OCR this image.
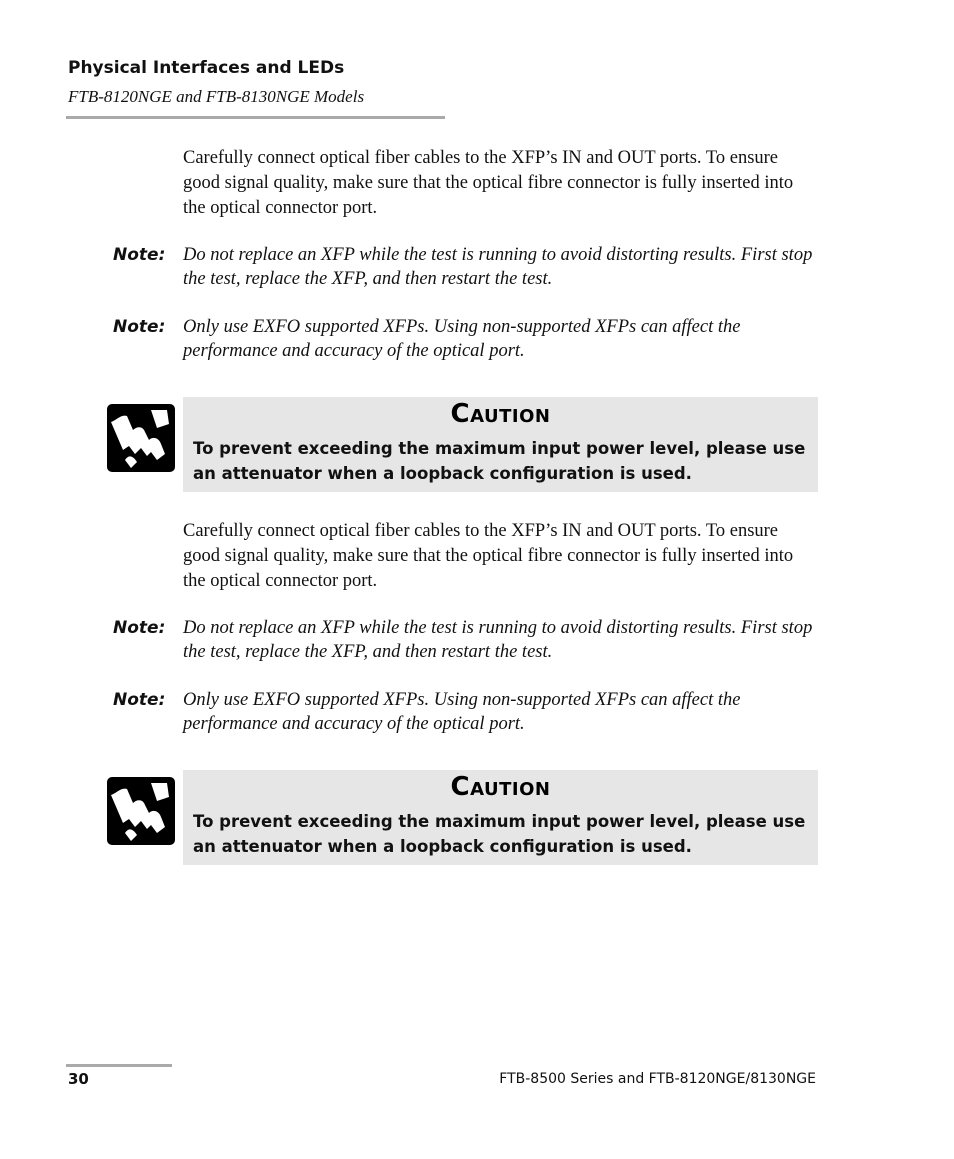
Physical Interfaces and LEDs
FTB-8120NGE and FTB-8130NGE Models
Carefully connect optical fiber cables to the XFP’s IN and OUT ports. To ensure good signal quality, make sure that the optical fibre connector is fully inserted into the optical connector port.
Note: Do not replace an XFP while the test is running to avoid distorting results. First stop the test, replace the XFP, and then restart the test.
Note: Only use EXFO supported XFPs. Using non-supported XFPs can affect the performance and accuracy of the optical port.
Caution
To prevent exceeding the maximum input power level, please use an attenuator when a loopback configuration is used.
Carefully connect optical fiber cables to the XFP’s IN and OUT ports. To ensure good signal quality, make sure that the optical fibre connector is fully inserted into the optical connector port.
Note: Do not replace an XFP while the test is running to avoid distorting results. First stop the test, replace the XFP, and then restart the test.
Note: Only use EXFO supported XFPs. Using non-supported XFPs can affect the performance and accuracy of the optical port.
Caution
To prevent exceeding the maximum input power level, please use an attenuator when a loopback configuration is used.
30	FTB-8500 Series and FTB-8120NGE/8130NGE
